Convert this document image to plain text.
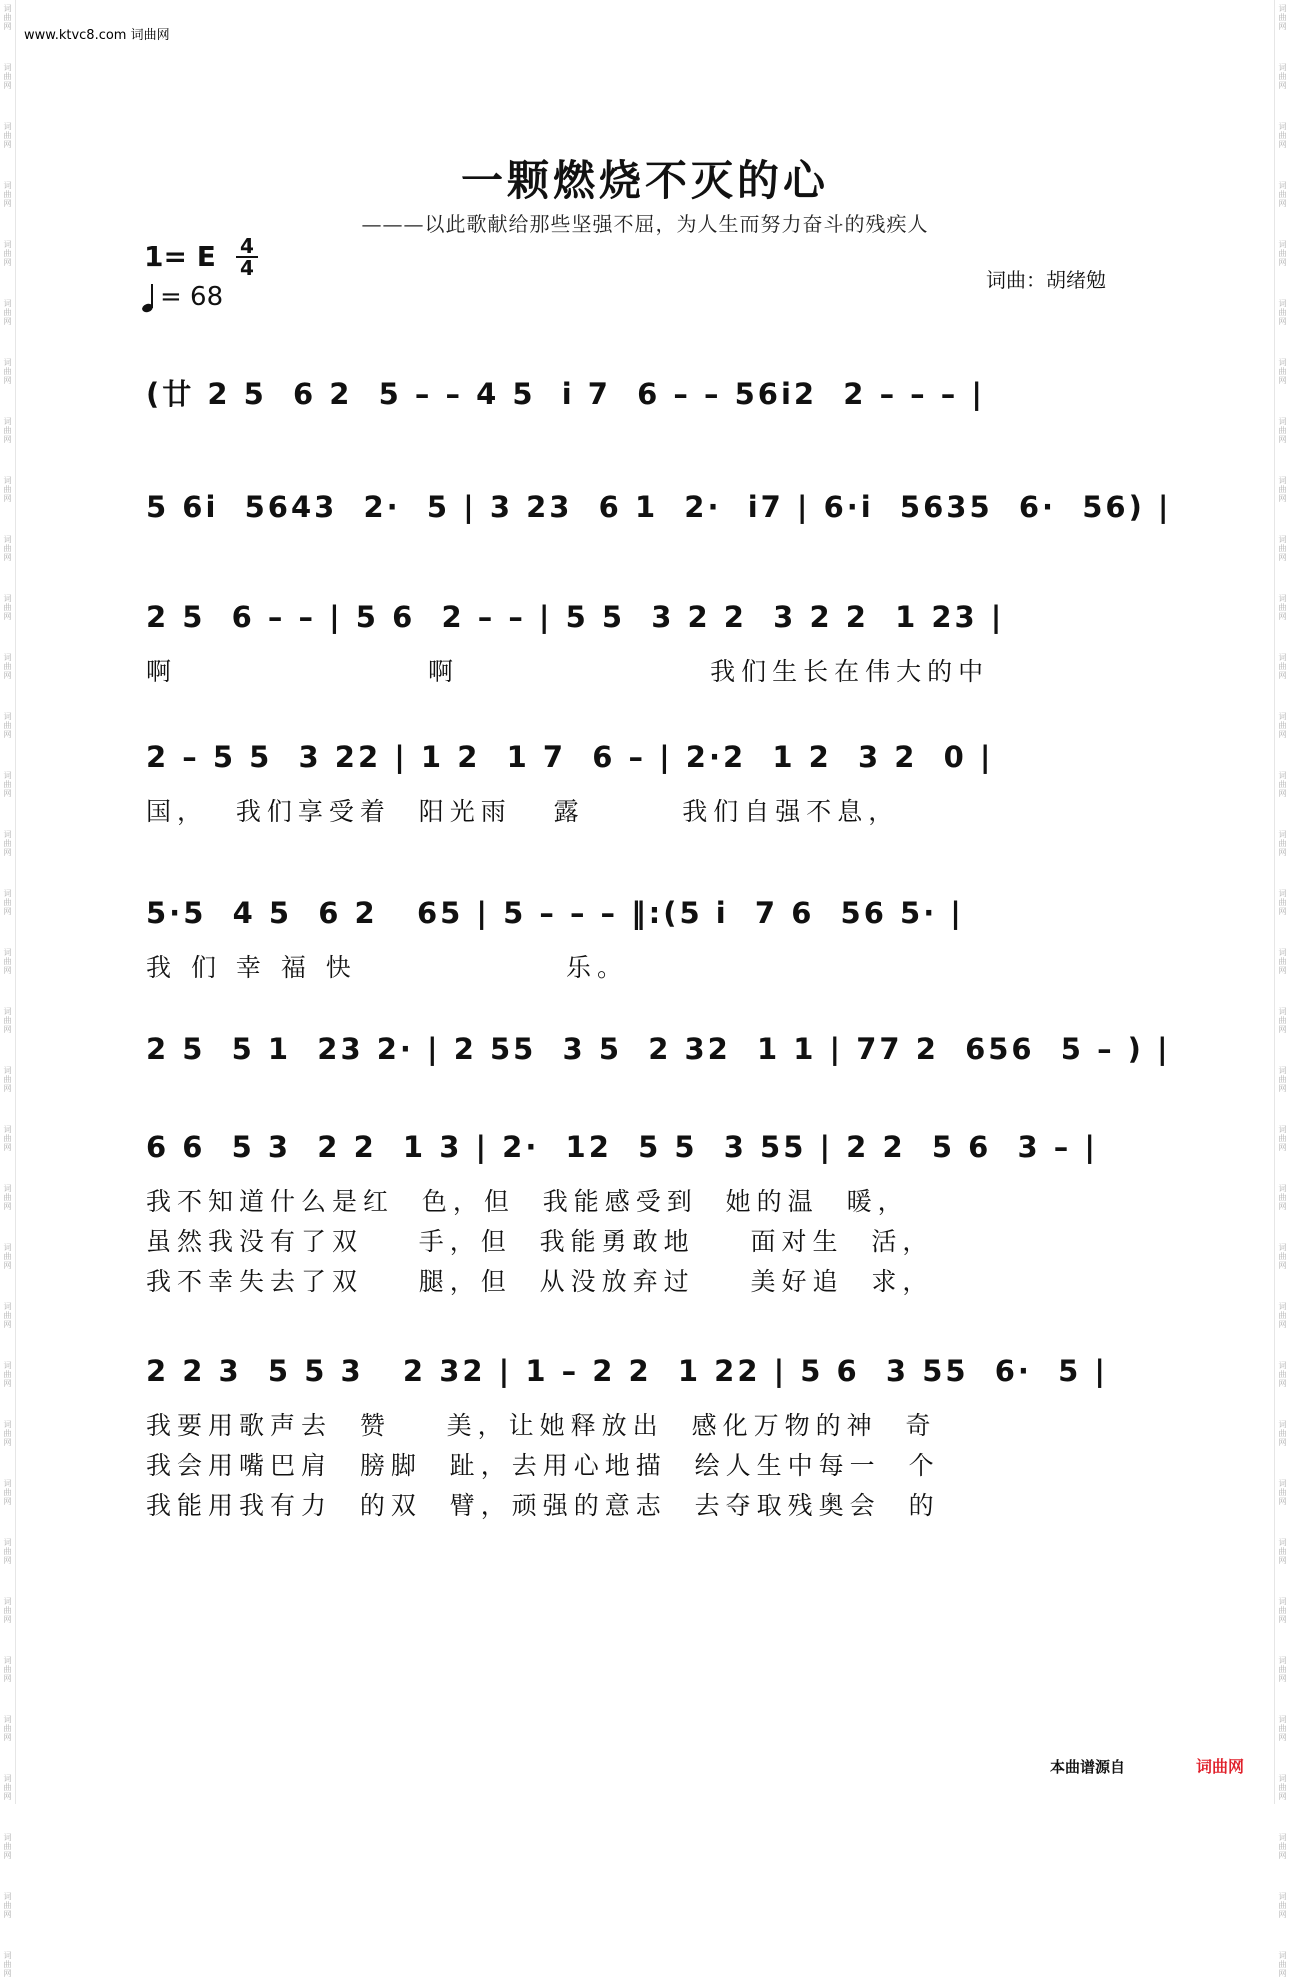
词
曲
网
词
曲
网
词
曲
网
词
曲
网
词
曲
网
词
曲
网
词
曲
网
词
曲
网
词
曲
网
词
曲
网
词
曲
网
词
曲
网
词
曲
网
词
曲
网
词
曲
网
词
曲
网
词
曲
网
词
曲
网
词
曲
网
词
曲
网
词
曲
网
词
曲
网
词
曲
网
词
曲
网
词
曲
网
词
曲
网
词
曲
网
词
曲
网
词
曲
网
词
曲
网
词
曲
网
词
曲
网
词
曲
网
词
曲
网
词
曲
网
词
曲
网
词
曲
网
词
曲
网
词
曲
网
词
曲
网
词
曲
网
词
曲
网
词
曲
网
词
曲
网
词
曲
网
词
曲
网
词
曲
网
词
曲
网
词
曲
网
词
曲
网
词
曲
网
词
曲
网
词
曲
网
词
曲
网
词
曲
网
词
曲
网
词
曲
网
词
曲
网
词
曲
网
词
曲
网
词
曲
网
词
曲
网
词
曲
网
词
曲
网
词
曲
网
词
曲
网
词
曲
网
词
曲
网
www.ktvc8.com 词曲网
一颗燃烧不灭的心
———以此歌献给那些坚强不屈，为人生而努力奋斗的残疾人
1= E 4
4
= 68
词曲：胡绪勉
(廿 2 5  6 2  5 – – 4 5  i 7  6 – – 56i2  2 – – – |
5 6i  5643  2·  5 | 3 23  6 1  2·  i7 | 6·i  5635  6·  56) |
2 5  6 – – | 5 6  2 – – | 5 5  3 2 2  3 2 2  1 23 |
啊                  啊                  我们生长在伟大的中
2 – 5 5  3 22 | 1 2  1 7  6 – | 2·2  1 2  3 2  0 |
国，  我们享受着  阳光雨   露       我们自强不息，
5·5  4 5  6 2   65 | 5 – – – ‖:(5 i  7 6  56 5· |
我 们 幸 福 快               乐。
2 5  5 1  23 2· | 2 55  3 5  2 32  1 1 | 77 2  656  5 – ) |
6 6  5 3  2 2  1 3 | 2·  12  5 5  3 55 | 2 2  5 6  3 – |
我不知道什么是红  色，但  我能感受到  她的温  暖，
虽然我没有了双    手，但  我能勇敢地    面对生  活，
我不幸失去了双    腿，但  从没放弃过    美好追  求，
2 2 3  5 5 3   2 32 | 1 – 2 2  1 22 | 5 6  3 55  6·  5 |
我要用歌声去  赞    美，让她释放出  感化万物的神  奇
我会用嘴巴肩  膀脚  趾，去用心地描  绘人生中每一  个
我能用我有力  的双  臂，顽强的意志  去夺取残奥会  的
本曲谱源自	词曲网
